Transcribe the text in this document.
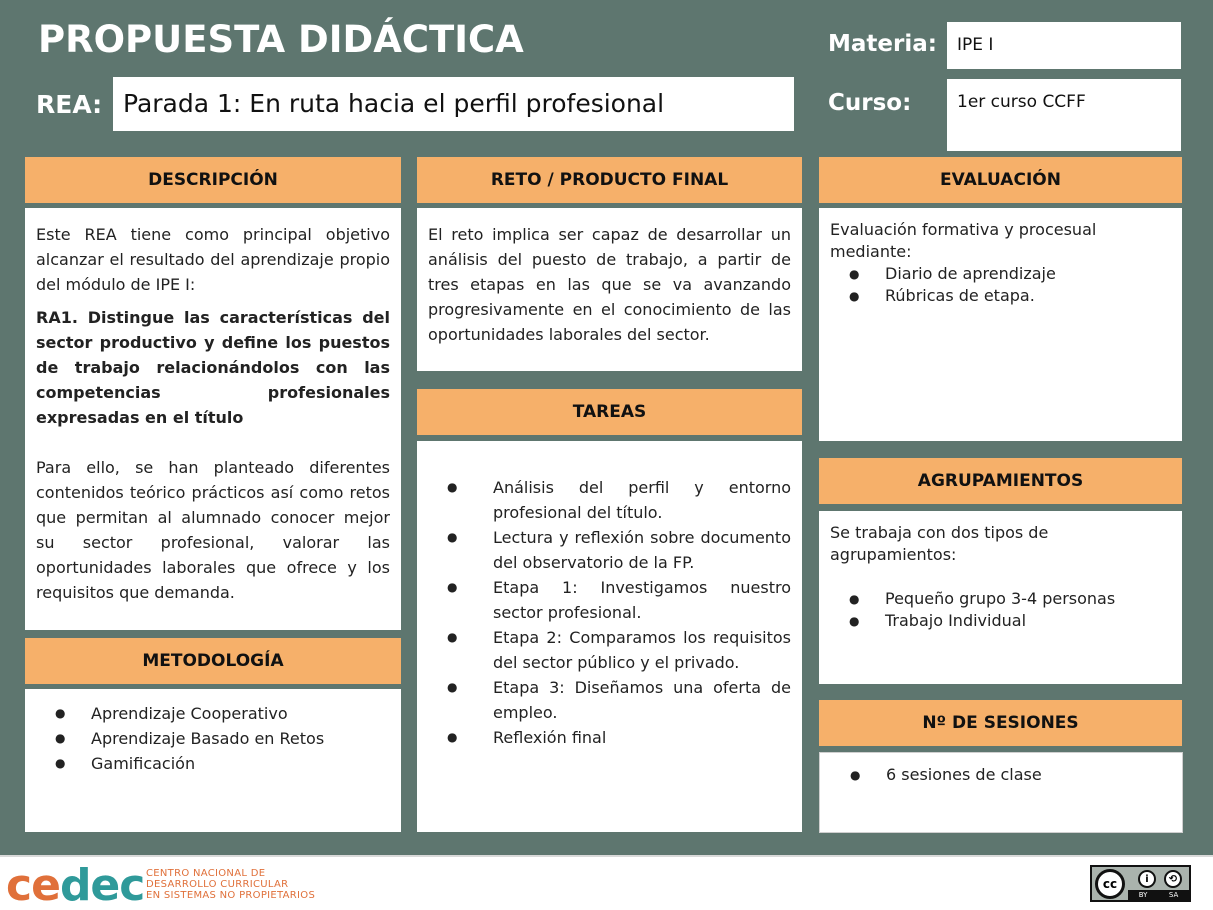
PROPUESTA DIDÁCTICA
REA: Parada 1: En ruta hacia el perfil profesional
Materia:	IPE I
Curso:	1er curso CCFF
DESCRIPCIÓN

Este REA tiene como principal objetivo alcanzar el resultado del aprendizaje propio del módulo de IPE I:

RA1. Distingue las características del sector productivo y define los puestos de trabajo relacionándolos con las competencias profesionales expresadas en el título

Para ello, se han planteado diferentes contenidos teórico prácticos así como retos que permitan al alumnado conocer mejor su sector profesional, valorar las oportunidades laborales que ofrece y los requisitos que demanda.

METODOLOGÍA
● Aprendizaje Cooperativo
● Aprendizaje Basado en Retos
● Gamificación
RETO / PRODUCTO FINAL

El reto implica ser capaz de desarrollar un análisis del puesto de trabajo, a partir de tres etapas en las que se va avanzando progresivamente en el conocimiento de las oportunidades laborales del sector.

TAREAS
● Análisis del perfil y entorno profesional del título.
● Lectura y reflexión sobre documento del observatorio de la FP.
● Etapa 1: Investigamos nuestro sector profesional.
● Etapa 2: Comparamos los requisitos del sector público y el privado.
● Etapa 3: Diseñamos una oferta de empleo.
● Reflexión final
EVALUACIÓN

Evaluación formativa y procesual mediante:

● Diario de aprendizaje
● Rúbricas de etapa.
AGRUPAMIENTOS

Se trabaja con dos tipos de agrupamientos:

● Pequeño grupo 3-4 personas
● Trabajo Individual
Nº DE SESIONES
● 6 sesiones de clase
cedec CENTRO NACIONAL DE
DESARROLLO CURRICULAR
EN SISTEMAS NO PROPIETARIOS
cc	i	⟲
BY	SA
